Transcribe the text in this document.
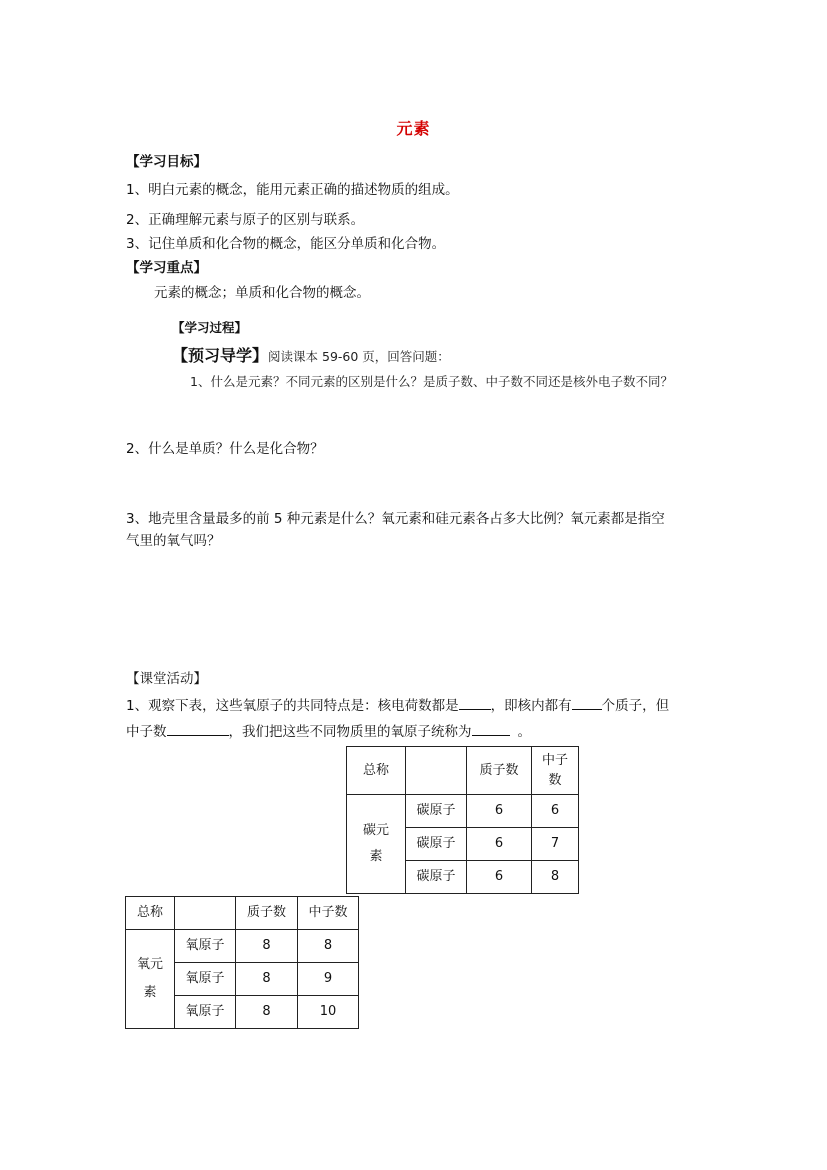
元素
【学习目标】
1、明白元素的概念，能用元素正确的描述物质的组成。
2、正确理解元素与原子的区别与联系。
3、记住单质和化合物的概念，能区分单质和化合物。
【学习重点】
元素的概念；单质和化合物的概念。
【学习过程】
【预习导学】阅读课本 59-60 页，回答问题：
1、什么是元素？不同元素的区别是什么？是质子数、中子数不同还是核外电子数不同？
2、什么是单质？什么是化合物？
3、地壳里含量最多的前 5 种元素是什么？氧元素和硅元素各占多大比例？氧元素都是指空
气里的氧气吗？
【课堂活动】
1、观察下表，这些氧原子的共同特点是：核电荷数都是 ，即核内都有 个质子，但
中子数	，我们把这些不同物质里的氧原子统称为	。
总称		质子数	中子数

碳元素	碳原子	6	6
	碳原子	6	7
	碳原子	6	8
总称		质子数	中子数

氧元素	氧原子	8	8
	氧原子	8	9
	氧原子	8	10
